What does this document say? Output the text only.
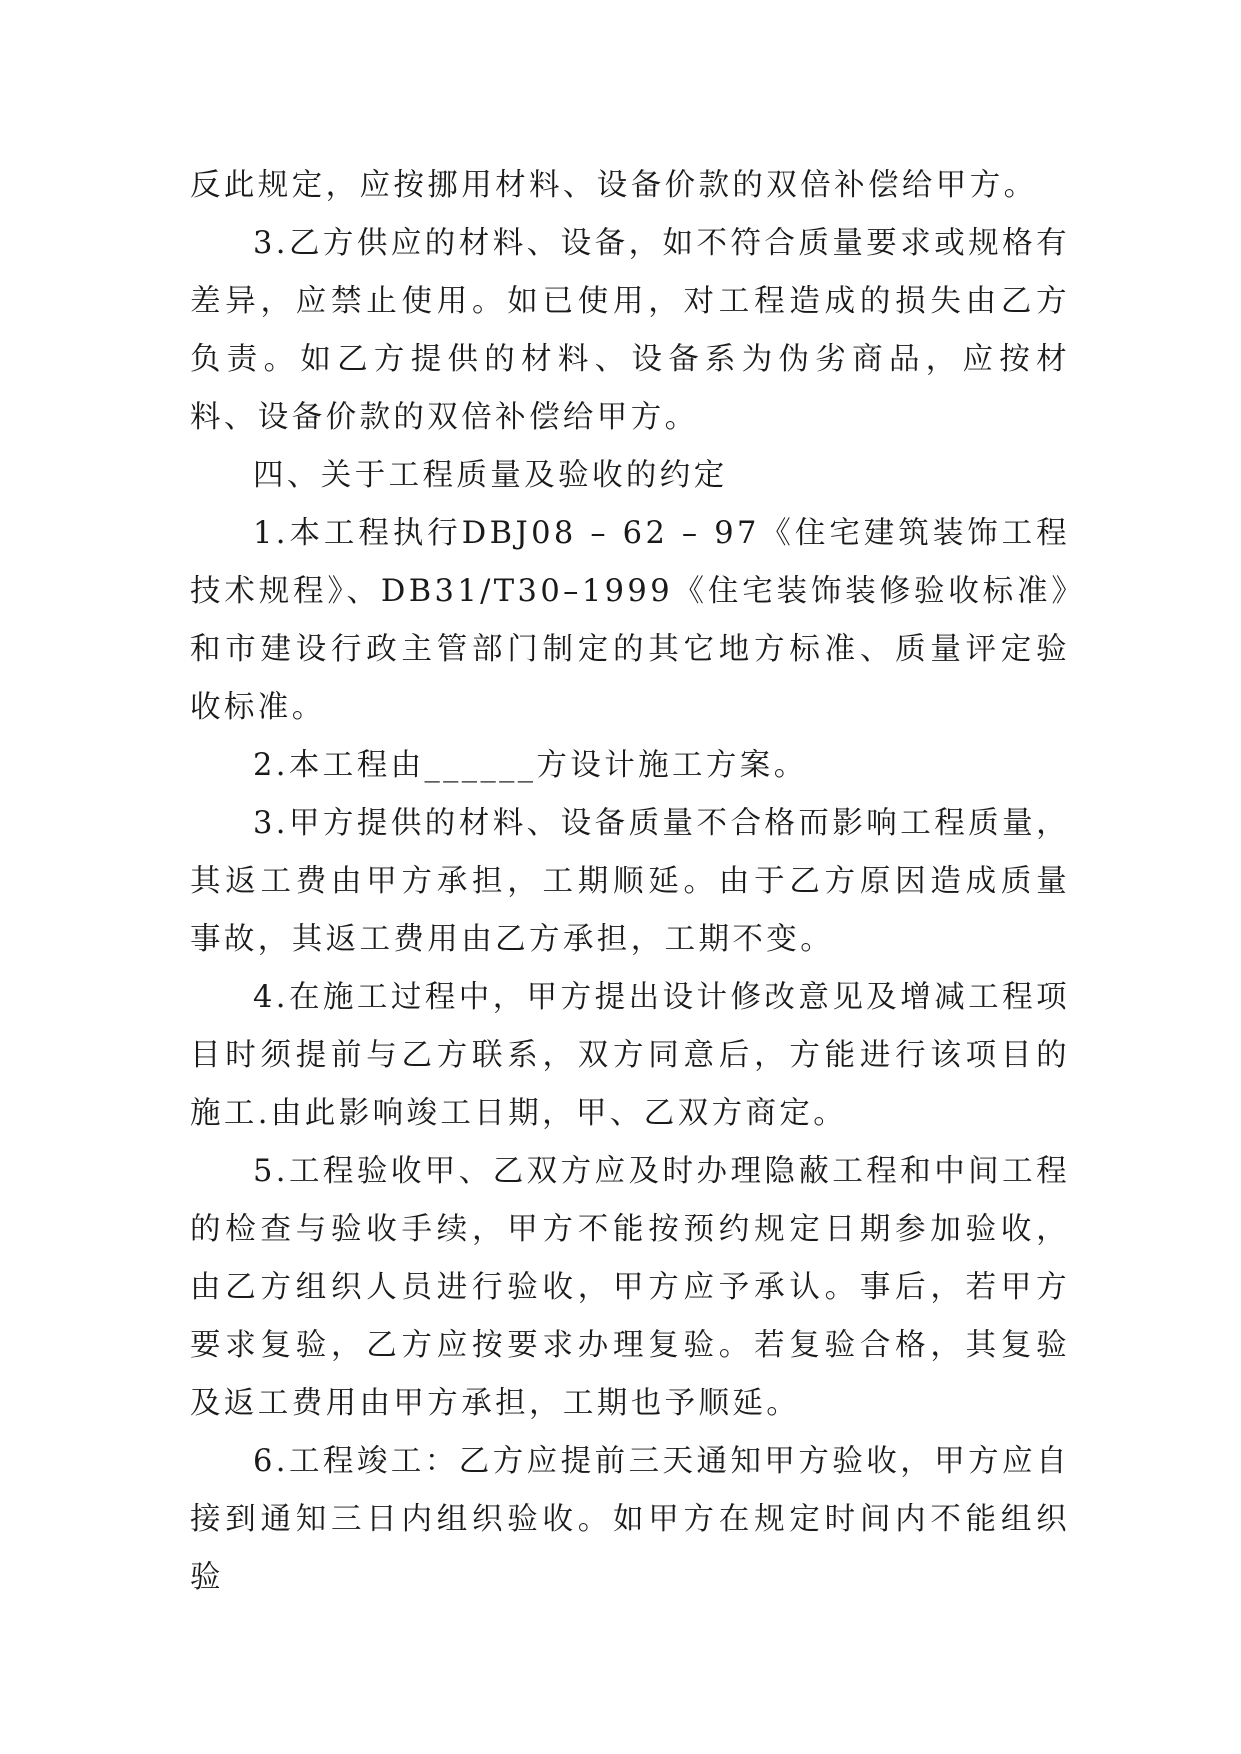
反此规定，应按挪用材料、设备价款的双倍补偿给甲方。

3.乙方供应的材料、设备，如不符合质量要求或规格有差异，应禁止使用。如已使用，对工程造成的损失由乙方负责。如乙方提供的材料、设备系为伪劣商品，应按材料、设备价款的双倍补偿给甲方。

四、关于工程质量及验收的约定

1.本工程执行DBJ08 – 62 – 97《住宅建筑装饰工程技术规程》、DB31/T30–1999《住宅装饰装修验收标准》和市建设行政主管部门制定的其它地方标准、质量评定验收标准。

2.本工程由______方设计施工方案。

3.甲方提供的材料、设备质量不合格而影响工程质量，其返工费由甲方承担，工期顺延。由于乙方原因造成质量事故，其返工费用由乙方承担，工期不变。

4.在施工过程中，甲方提出设计修改意见及增减工程项目时须提前与乙方联系，双方同意后，方能进行该项目的施工.由此影响竣工日期，甲、乙双方商定。

5.工程验收甲、乙双方应及时办理隐蔽工程和中间工程的检查与验收手续，甲方不能按预约规定日期参加验收，由乙方组织人员进行验收，甲方应予承认。事后，若甲方要求复验，乙方应按要求办理复验。若复验合格，其复验及返工费用由甲方承担，工期也予顺延。

6.工程竣工：乙方应提前三天通知甲方验收，甲方应自接到通知三日内组织验收。如甲方在规定时间内不能组织验
